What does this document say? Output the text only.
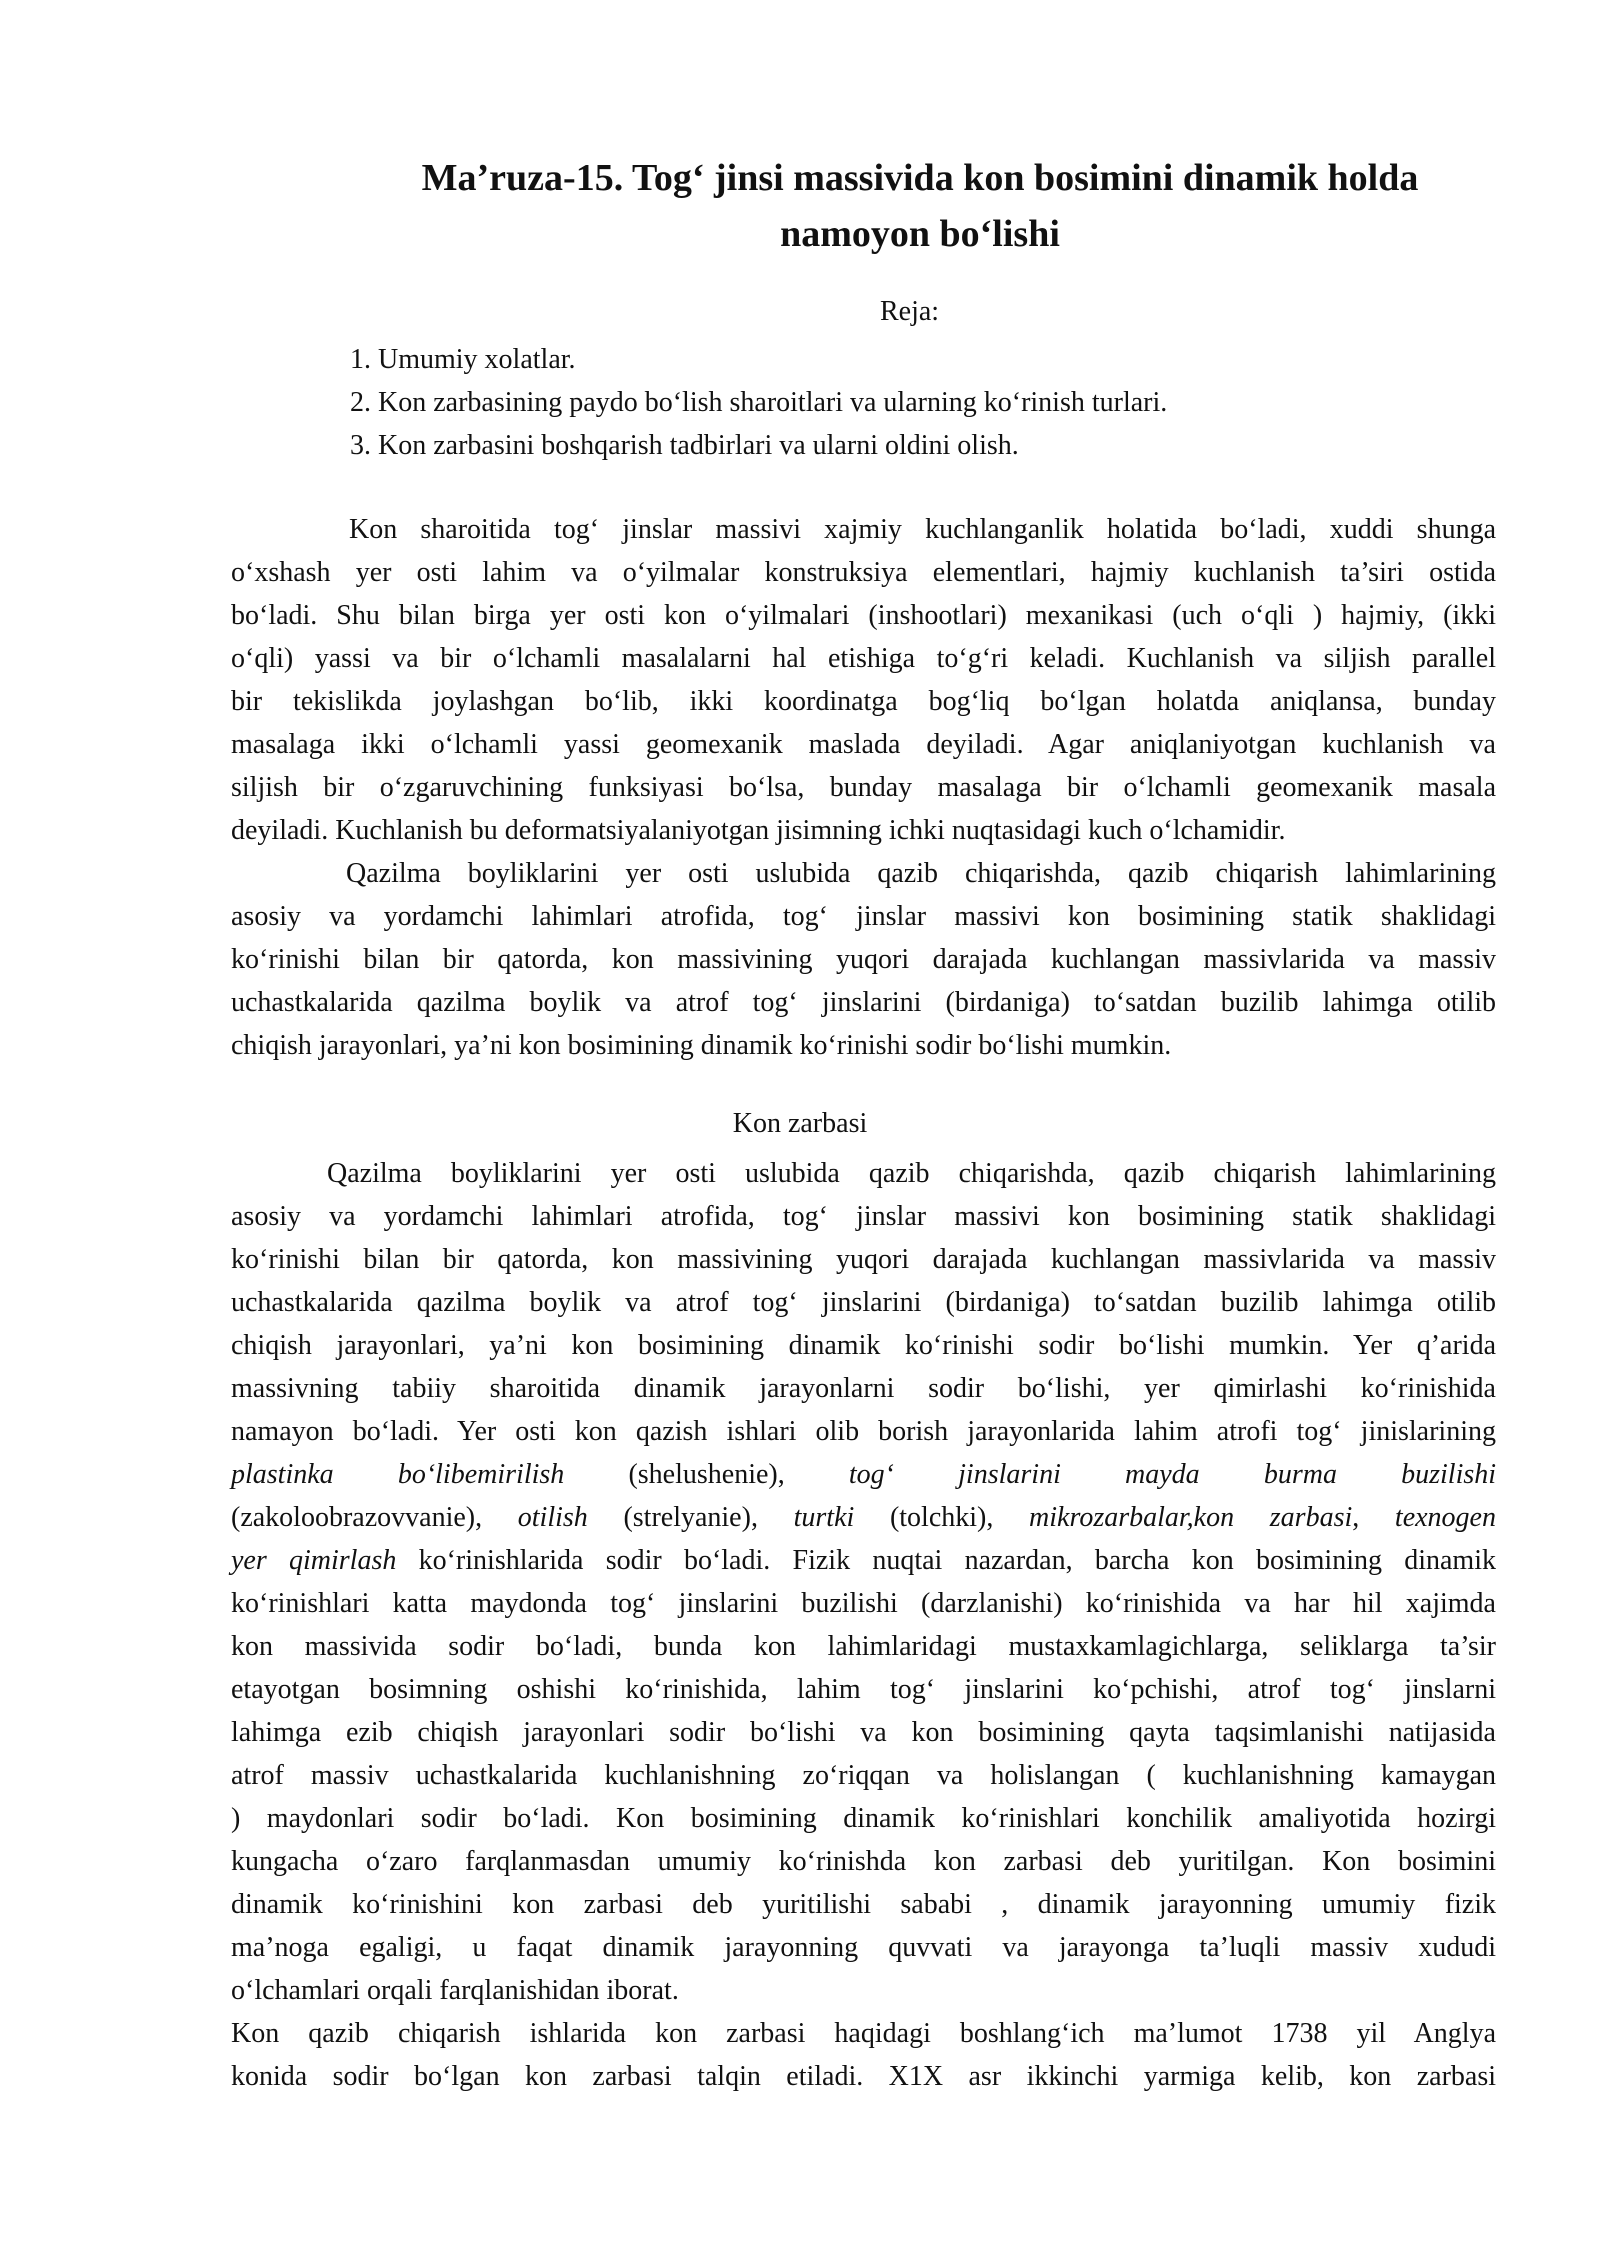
Ma’ruza-15. Tog‘ jinsi massivida kon bosimini dinamik holda
namoyon bo‘lishi
Reja:
1. Umumiy xolatlar.
2. Kon zarbasining paydo bo‘lish sharoitlari va ularning ko‘rinish turlari.
3. Kon zarbasini boshqarish tadbirlari va ularni oldini olish.
Kon sharoitida tog‘ jinslar massivi xajmiy kuchlanganlik holatida bo‘ladi, xuddi shunga
o‘xshash yer osti lahim va o‘yilmalar konstruksiya elementlari, hajmiy kuchlanish ta’siri ostida
bo‘ladi. Shu bilan birga yer osti kon o‘yilmalari (inshootlari) mexanikasi (uch o‘qli ) hajmiy, (ikki
o‘qli) yassi va bir o‘lchamli masalalarni hal etishiga to‘g‘ri keladi. Kuchlanish va siljish parallel
bir tekislikda joylashgan bo‘lib, ikki koordinatga bog‘liq bo‘lgan holatda aniqlansa, bunday
masalaga ikki o‘lchamli yassi geomexanik maslada deyiladi. Agar aniqlaniyotgan kuchlanish va
siljish bir o‘zgaruvchining funksiyasi bo‘lsa, bunday masalaga bir o‘lchamli geomexanik masala
deyiladi. Kuchlanish bu deformatsiyalaniyotgan jisimning ichki nuqtasidagi kuch o‘lchamidir.
Qazilma boyliklarini yer osti uslubida qazib chiqarishda, qazib chiqarish lahimlarining
asosiy va yordamchi lahimlari atrofida, tog‘ jinslar massivi kon bosimining statik shaklidagi
ko‘rinishi bilan bir qatorda, kon massivining yuqori darajada kuchlangan massivlarida va massiv
uchastkalarida qazilma boylik va atrof tog‘ jinslarini (birdaniga) to‘satdan buzilib lahimga otilib
chiqish jarayonlari, ya’ni kon bosimining dinamik ko‘rinishi sodir bo‘lishi mumkin.
Kon zarbasi
Qazilma boyliklarini yer osti uslubida qazib chiqarishda, qazib chiqarish lahimlarining
asosiy va yordamchi lahimlari atrofida, tog‘ jinslar massivi kon bosimining statik shaklidagi
ko‘rinishi bilan bir qatorda, kon massivining yuqori darajada kuchlangan massivlarida va massiv
uchastkalarida qazilma boylik va atrof tog‘ jinslarini (birdaniga) to‘satdan buzilib lahimga otilib
chiqish jarayonlari, ya’ni kon bosimining dinamik ko‘rinishi sodir bo‘lishi mumkin. Yer q’arida
massivning tabiiy sharoitida dinamik jarayonlarni sodir bo‘lishi, yer qimirlashi ko‘rinishida
namayon bo‘ladi. Yer osti kon qazish ishlari olib borish jarayonlarida lahim atrofi tog‘ jinislarining
plastinka bo‘libemirilish (shelushenie), tog‘ jinslarini mayda burma buzilishi
(zakoloobrazovvanie), otilish (strelyanie), turtki (tolchki), mikrozarbalar,kon zarbasi, texnogen
yer qimirlash ko‘rinishlarida sodir bo‘ladi. Fizik nuqtai nazardan, barcha kon bosimining dinamik
ko‘rinishlari katta maydonda tog‘ jinslarini buzilishi (darzlanishi) ko‘rinishida va har hil xajimda
kon massivida sodir bo‘ladi, bunda kon lahimlaridagi mustaxkamlagichlarga, seliklarga ta’sir
etayotgan bosimning oshishi ko‘rinishida, lahim tog‘ jinslarini ko‘pchishi, atrof tog‘ jinslarni
lahimga ezib chiqish jarayonlari sodir bo‘lishi va kon bosimining qayta taqsimlanishi natijasida
atrof massiv uchastkalarida kuchlanishning zo‘riqqan va holislangan ( kuchlanishning kamaygan
) maydonlari sodir bo‘ladi. Kon bosimining dinamik ko‘rinishlari konchilik amaliyotida hozirgi
kungacha o‘zaro farqlanmasdan umumiy ko‘rinishda kon zarbasi deb yuritilgan. Kon bosimini
dinamik ko‘rinishini kon zarbasi deb yuritilishi sababi , dinamik jarayonning umumiy fizik
ma’noga egaligi, u faqat dinamik jarayonning quvvati va jarayonga ta’luqli massiv xududi
o‘lchamlari orqali farqlanishidan iborat.
Kon qazib chiqarish ishlarida kon zarbasi haqidagi boshlang‘ich ma’lumot 1738 yil Anglya
konida sodir bo‘lgan kon zarbasi talqin etiladi. X1X asr ikkinchi yarmiga kelib, kon zarbasi
